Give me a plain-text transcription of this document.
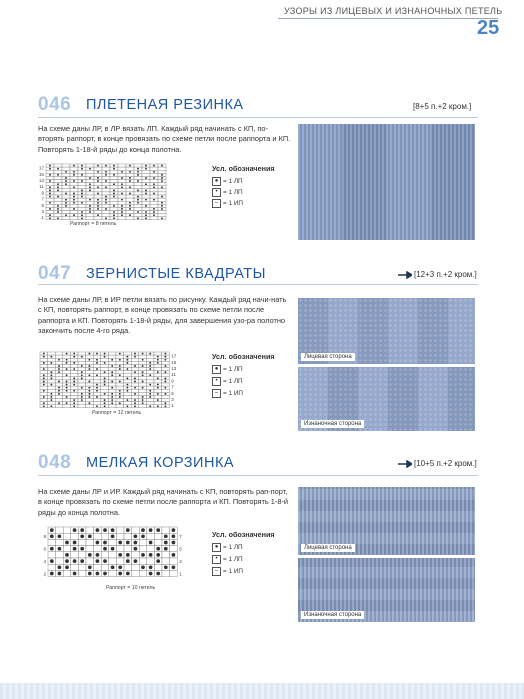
УЗОРЫ ИЗ ЛИЦЕВЫХ И ИЗНАНОЧНЫХ ПЕТЕЛЬ
25
046 ПЛЕТЕНАЯ РЕЗИНКА	[8+5 п.+2 кром.]
На схеме даны ЛР, в ЛР вязать ЛП. Каждый ряд начинать с КП, по-вторять раппорт, в конце провязать по схеме петли после раппорта и КП. Повторять 1-18-й ряды до конца полотна.
17
15
13
11
9
7
5
3
1
Раппорт = 8 петель
Усл. обозначения
● = 1 ЛП
• = 1 ЛП
– = 1 ИП
047 ЗЕРНИСТЫЕ КВАДРАТЫ	[12+3 п.+2 кром.]
На схеме даны ЛР, в ИР петли вязать по рисунку. Каждый ряд начи-нать с КП, повторять раппорт, в конце провязать по схеме петли после раппорта и КП. Повторять 1-18-й ряды, для завершения узо-ра полотно закончить после 4-го ряда.
17
15
13
11
9
7
5
3
1
Раппорт = 12 петель
Усл. обозначения
● = 1 ЛП
• = 1 ЛП
– = 1 ИП
Лицевая сторона
Изнаночная сторона
048 МЕЛКАЯ КОРЗИНКА	[10+5 п.+2 кром.]
На схеме даны ЛР и ИР. Каждый ряд начинать с КП, повторять рап-порт, в конце провязать по схеме петли после раппорта и КП. Повторять 1-8-й ряды до конца полотна.
8
6
4
2
7
5
3
1
Раппорт = 10 петель
Усл. обозначения
● = 1 ЛП
• = 1 ЛП
– = 1 ИП
Лицевая сторона
Изнаночная сторона
